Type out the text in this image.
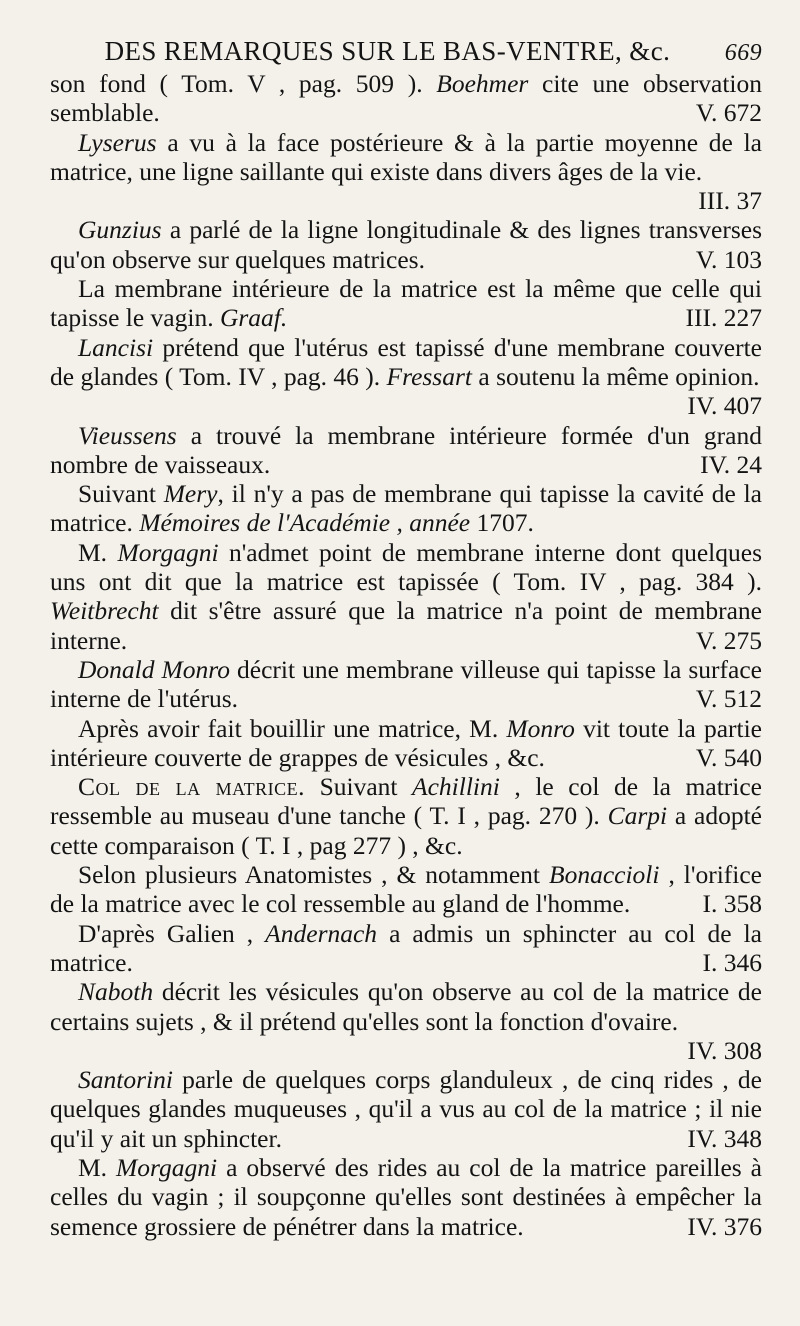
DES REMARQUES SUR LE BAS-VENTRE, &c.	669

son fond ( Tom. V , pag. 509 ). Boehmer cite une observation semblable.	V. 672

Lyserus a vu à la face postérieure & à la partie moyenne de la matrice, une ligne saillante qui existe dans divers âges de la vie.
III. 37

Gunzius a parlé de la ligne longitudinale & des lignes transverses qu'on observe sur quelques matrices.	V. 103

La membrane intérieure de la matrice est la même que celle qui tapisse le vagin. Graaf.	III. 227

Lancisi prétend que l'utérus est tapissé d'une membrane couverte de glandes ( Tom. IV , pag. 46 ). Fressart a soutenu la même opinion.
IV. 407

Vieussens a trouvé la membrane intérieure formée d'un grand nombre de vaisseaux.	IV. 24

Suivant Mery, il n'y a pas de membrane qui tapisse la cavité de la matrice. Mémoires de l'Académie , année 1707.

M. Morgagni n'admet point de membrane interne dont quelques uns ont dit que la matrice est tapissée ( Tom. IV , pag. 384 ). Weitbrecht dit s'être assuré que la matrice n'a point de membrane interne.	V. 275

Donald Monro décrit une membrane villeuse qui tapisse la surface interne de l'utérus.	V. 512

Après avoir fait bouillir une matrice, M. Monro vit toute la partie intérieure couverte de grappes de vésicules , &c.	V. 540

Col de la matrice. Suivant Achillini , le col de la matrice ressemble au museau d'une tanche ( T. I , pag. 270 ). Carpi a adopté cette comparaison ( T. I , pag 277 ) , &c.

Selon plusieurs Anatomistes , & notamment Bonaccioli , l'orifice de la matrice avec le col ressemble au gland de l'homme.	I. 358

D'après Galien , Andernach a admis un sphincter au col de la matrice.	I. 346

Naboth décrit les vésicules qu'on observe au col de la matrice de certains sujets , & il prétend qu'elles sont la fonction d'ovaire.
IV. 308

Santorini parle de quelques corps glanduleux , de cinq rides , de quelques glandes muqueuses , qu'il a vus au col de la matrice ; il nie qu'il y ait un sphincter.	IV. 348

M. Morgagni a observé des rides au col de la matrice pareilles à celles du vagin ; il soupçonne qu'elles sont destinées à empêcher la semence grossiere de pénétrer dans la matrice.	IV. 376
